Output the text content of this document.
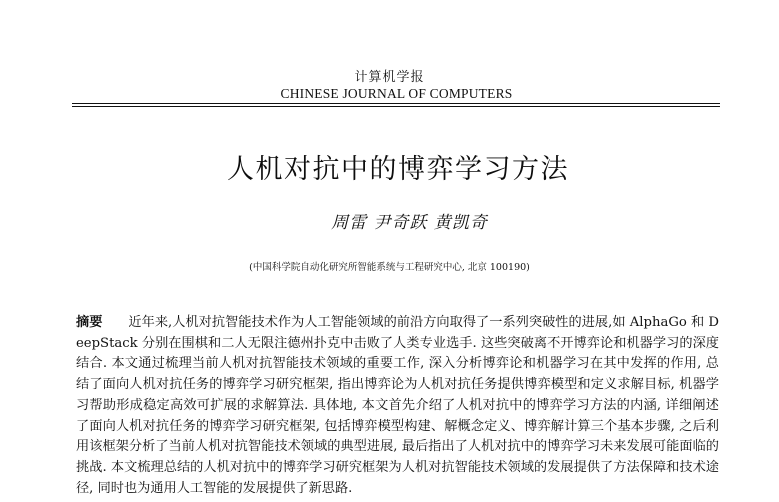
计算机学报
CHINESE JOURNAL OF COMPUTERS
人机对抗中的博弈学习方法
周雷 尹奇跃 黄凯奇
(中国科学院自动化研究所智能系统与工程研究中心, 北京 100190)
摘要 近年来,人机对抗智能技术作为人工智能领域的前沿方向取得了一系列突破性的进展,如 AlphaGo 和 DeepStack 分别在围棋和二人无限注德州扑克中击败了人类专业选手. 这些突破离不开博弈论和机器学习的深度结合. 本文通过梳理当前人机对抗智能技术领域的重要工作, 深入分析博弈论和机器学习在其中发挥的作用, 总结了面向人机对抗任务的博弈学习研究框架, 指出博弈论为人机对抗任务提供博弈模型和定义求解目标, 机器学习帮助形成稳定高效可扩展的求解算法. 具体地, 本文首先介绍了人机对抗中的博弈学习方法的内涵, 详细阐述了面向人机对抗任务的博弈学习研究框架, 包括博弈模型构建、解概念定义、博弈解计算三个基本步骤, 之后利用该框架分析了当前人机对抗智能技术领域的典型进展, 最后指出了人机对抗中的博弈学习未来发展可能面临的挑战. 本文梳理总结的人机对抗中的博弈学习研究框架为人机对抗智能技术领域的发展提供了方法保障和技术途径, 同时也为通用人工智能的发展提供了新思路.
